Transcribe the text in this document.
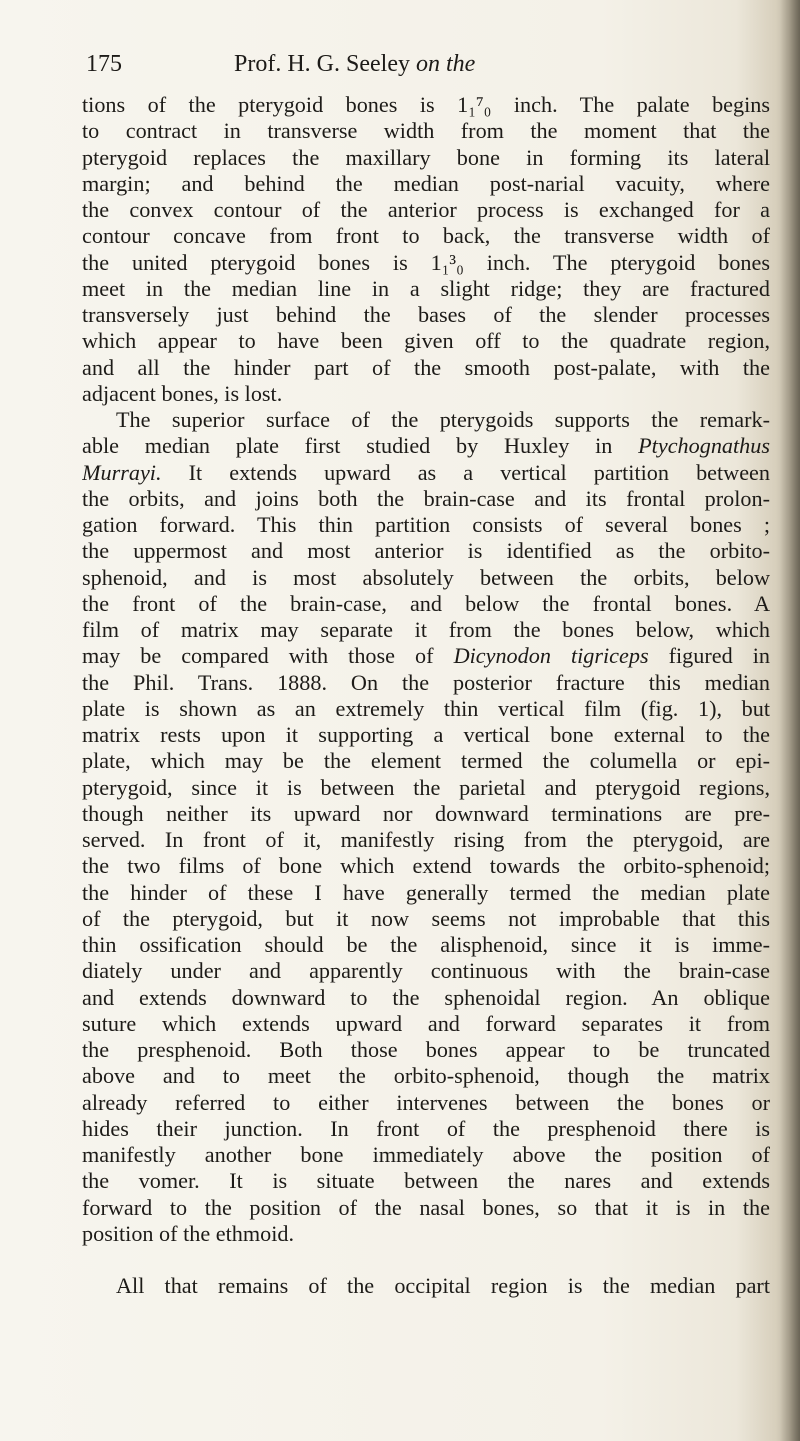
175	Prof. H. G. Seeley on the
tions of the pterygoid bones is 1₁⁷₀ inch. The palate begins
to contract in transverse width from the moment that the
pterygoid replaces the maxillary bone in forming its lateral
margin; and behind the median post-narial vacuity, where
the convex contour of the anterior process is exchanged for a
contour concave from front to back, the transverse width of
the united pterygoid bones is 1₁³₀ inch. The pterygoid bones
meet in the median line in a slight ridge; they are fractured
transversely just behind the bases of the slender processes
which appear to have been given off to the quadrate region,
and all the hinder part of the smooth post-palate, with the
adjacent bones, is lost.
The superior surface of the pterygoids supports the remark-
able median plate first studied by Huxley in Ptychognathus
Murrayi. It extends upward as a vertical partition between
the orbits, and joins both the brain-case and its frontal prolon-
gation forward. This thin partition consists of several bones ;
the uppermost and most anterior is identified as the orbito-
sphenoid, and is most absolutely between the orbits, below
the front of the brain-case, and below the frontal bones. A
film of matrix may separate it from the bones below, which
may be compared with those of Dicynodon tigriceps figured in
the Phil. Trans. 1888. On the posterior fracture this median
plate is shown as an extremely thin vertical film (fig. 1), but
matrix rests upon it supporting a vertical bone external to the
plate, which may be the element termed the columella or epi-
pterygoid, since it is between the parietal and pterygoid regions,
though neither its upward nor downward terminations are pre-
served. In front of it, manifestly rising from the pterygoid, are
the two films of bone which extend towards the orbito-sphenoid;
the hinder of these I have generally termed the median plate
of the pterygoid, but it now seems not improbable that this
thin ossification should be the alisphenoid, since it is imme-
diately under and apparently continuous with the brain-case
and extends downward to the sphenoidal region. An oblique
suture which extends upward and forward separates it from
the presphenoid. Both those bones appear to be truncated
above and to meet the orbito-sphenoid, though the matrix
already referred to either intervenes between the bones or
hides their junction. In front of the presphenoid there is
manifestly another bone immediately above the position of
the vomer. It is situate between the nares and extends
forward to the position of the nasal bones, so that it is in the
position of the ethmoid.
All that remains of the occipital region is the median part
